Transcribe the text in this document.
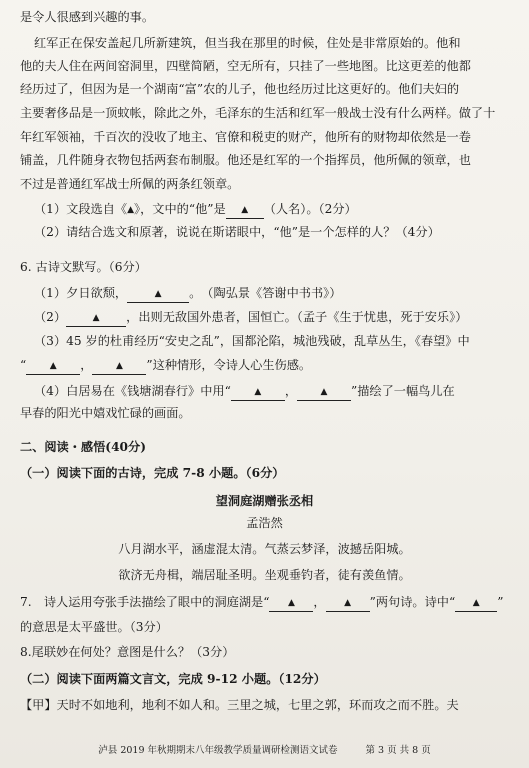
是令人很感到兴趣的事。
红军正在保安盖起几所新建筑，但当我在那里的时候，住处是非常原始的。他和
他的夫人住在两间窑洞里，四壁简陋，空无所有，只挂了一些地图。比这更差的他都
经历过了，但因为是一个湖南“富”农的儿子，他也经历过比这更好的。他们夫妇的
主要奢侈品是一顶蚊帐，除此之外，毛泽东的生活和红军一般战士没有什么两样。做了十
年红军领袖，千百次的没收了地主、官僚和税吏的财产，他所有的财物却依然是一卷
铺盖，几件随身衣物包括两套布制服。他还是红军的一个指挥员，他所佩的领章，也
不过是普通红军战士所佩的两条红领章。
（1）文段选自《▲》，文中的“他”是 ▲ （人名）。（2分）
（2）请结合选文和原著，说说在斯诺眼中，“他”是一个怎样的人？（4分）
6. 古诗文默写。（6分）
（1）夕日欲颓，	▲ 。　（陶弘景《答谢中书书》）
（2）	▲ ，出则无敌国外患者，国恒亡。（孟子《生于忧患，死于安乐》）
（3）45 岁的杜甫经历“安史之乱”，国都沦陷，城池残破，乱草丛生，《春望》中
“	▲ ，	▲ ”这种情形，令诗人心生伤感。
（4）白居易在《钱塘湖春行》中用“	▲ ，	▲ ”描绘了一幅鸟儿在
早春的阳光中嬉戏忙碌的画面。
二、阅读・感悟(40分)
（一）阅读下面的古诗，完成 7-8 小题。（6分）
望洞庭湖赠张丞相
孟浩然
八月湖水平，涵虚混太清。气蒸云梦泽，波撼岳阳城。
欲济无舟楫，端居耻圣明。坐观垂钓者，徒有羡鱼情。
7.　诗人运用夸张手法描绘了眼中的洞庭湖是“ ▲ ， ▲ ”两句诗。诗中“ ▲ ”
的意思是太平盛世。（3分）
8.尾联妙在何处？意图是什么？（3分）
（二）阅读下面两篇文言文，完成 9-12 小题。（12分）
【甲】天时不如地利，地利不如人和。三里之城，七里之郭，环而攻之而不胜。夫
泸县 2019 年秋期期末八年级教学质量调研检测语文试卷	第 3 页 共 8 页
